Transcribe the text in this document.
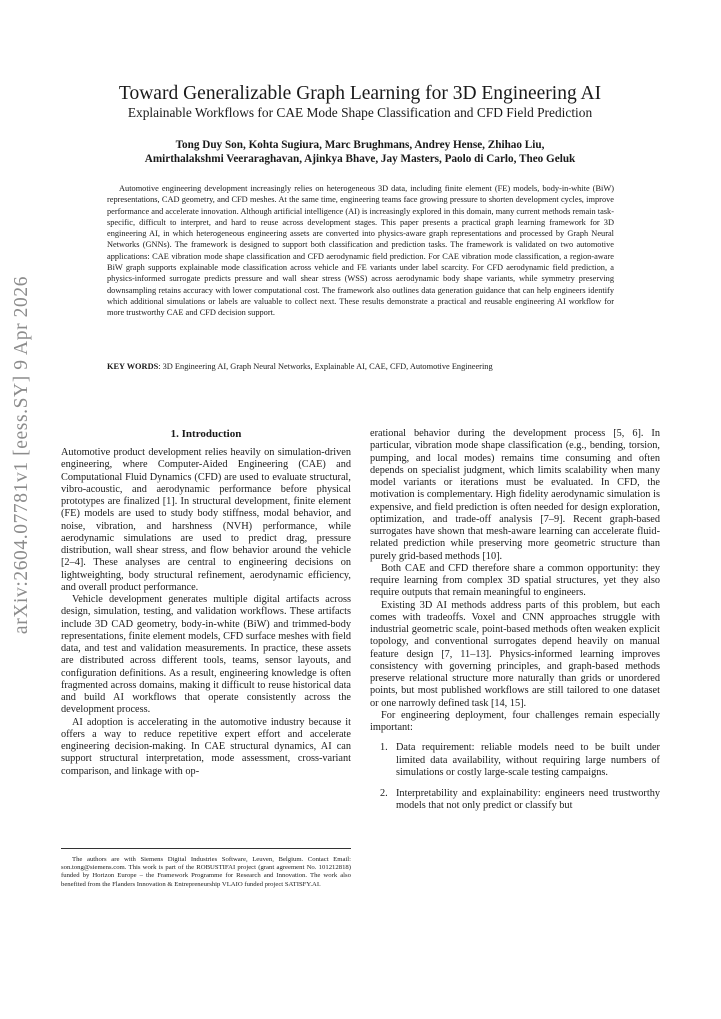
arXiv:2604.07781v1 [eess.SY] 9 Apr 2026
Toward Generalizable Graph Learning for 3D Engineering AI
Explainable Workflows for CAE Mode Shape Classification and CFD Field Prediction
Tong Duy Son, Kohta Sugiura, Marc Brughmans, Andrey Hense, Zhihao Liu,
Amirthalakshmi Veeraraghavan, Ajinkya Bhave, Jay Masters, Paolo di Carlo, Theo Geluk

Automotive engineering development increasingly relies on heterogeneous 3D data, including finite element (FE) models, body-in-white (BiW) representations, CAD geometry, and CFD meshes. At the same time, engineering teams face growing pressure to shorten development cycles, improve performance and accelerate innovation. Although artificial intelligence (AI) is increasingly explored in this domain, many current methods remain task-specific, difficult to interpret, and hard to reuse across development stages. This paper presents a practical graph learning framework for 3D engineering AI, in which heterogeneous engineering assets are converted into physics-aware graph representations and processed by Graph Neural Networks (GNNs). The framework is designed to support both classification and prediction tasks. The framework is validated on two automotive applications: CAE vibration mode shape classification and CFD aerodynamic field prediction. For CAE vibration mode classification, a region-aware BiW graph supports explainable mode classification across vehicle and FE variants under label scarcity. For CFD aerodynamic field prediction, a physics-informed surrogate predicts pressure and wall shear stress (WSS) across aerodynamic body shape variants, while symmetry preserving downsampling retains accuracy with lower computational cost. The framework also outlines data generation guidance that can help engineers identify which additional simulations or labels are valuable to collect next. These results demonstrate a practical and reusable engineering AI workflow for more trustworthy CAE and CFD decision support.

KEY WORDS: 3D Engineering AI, Graph Neural Networks, Explainable AI, CAE, CFD, Automotive Engineering
1. Introduction

Automotive product development relies heavily on simulation-driven engineering, where Computer-Aided Engineering (CAE) and Computational Fluid Dynamics (CFD) are used to evaluate structural, vibro-acoustic, and aerodynamic performance before physical prototypes are finalized [1]. In structural development, finite element (FE) models are used to study body stiffness, modal behavior, and noise, vibration, and harshness (NVH) performance, while aerodynamic simulations are used to predict drag, pressure distribution, wall shear stress, and flow behavior around the vehicle [2–4]. These analyses are central to engineering decisions on lightweighting, body structural refinement, aerodynamic efficiency, and overall product performance.

Vehicle development generates multiple digital artifacts across design, simulation, testing, and validation workflows. These artifacts include 3D CAD geometry, body-in-white (BiW) and trimmed-body representations, finite element models, CFD surface meshes with field data, and test and validation measurements. In practice, these assets are distributed across different tools, teams, sensor layouts, and configuration definitions. As a result, engineering knowledge is often fragmented across domains, making it difficult to reuse historical data and build AI workflows that operate consistently across the development process.

AI adoption is accelerating in the automotive industry because it offers a way to reduce repetitive expert effort and accelerate engineering decision-making. In CAE structural dynamics, AI can support structural interpretation, mode assessment, cross-variant comparison, and linkage with op-

The authors are with Siemens Digital Industries Software, Leuven, Belgium. Contact Email: son.tong@siemens.com. This work is part of the ROBUSTIFAI project (grant agreement No. 101212818) funded by Horizon Europe – the Framework Programme for Research and Innovation. The work also benefited from the Flanders Innovation & Entrepreneurship VLAIO funded project SATISFY.AI.

erational behavior during the development process [5, 6]. In particular, vibration mode shape classification (e.g., bending, torsion, pumping, and local modes) remains time consuming and often depends on specialist judgment, which limits scalability when many model variants or iterations must be evaluated. In CFD, the motivation is complementary. High fidelity aerodynamic simulation is expensive, and field prediction is often needed for design exploration, optimization, and trade-off analysis [7–9]. Recent graph-based surrogates have shown that mesh-aware learning can accelerate fluid-related prediction while preserving more geometric structure than purely grid-based methods [10].

Both CAE and CFD therefore share a common opportunity: they require learning from complex 3D spatial structures, yet they also require outputs that remain meaningful to engineers.

Existing 3D AI methods address parts of this problem, but each comes with tradeoffs. Voxel and CNN approaches struggle with industrial geometric scale, point-based methods often weaken explicit topology, and conventional surrogates depend heavily on manual feature design [7, 11–13]. Physics-informed learning improves consistency with governing principles, and graph-based methods preserve relational structure more naturally than grids or unordered points, but most published workflows are still tailored to one dataset or one narrowly defined task [14, 15].

For engineering deployment, four challenges remain especially important:

1. Data requirement: reliable models need to be built under limited data availability, without requiring large numbers of simulations or costly large-scale testing campaigns.
2. Interpretability and explainability: engineers need trustworthy models that not only predict or classify but
